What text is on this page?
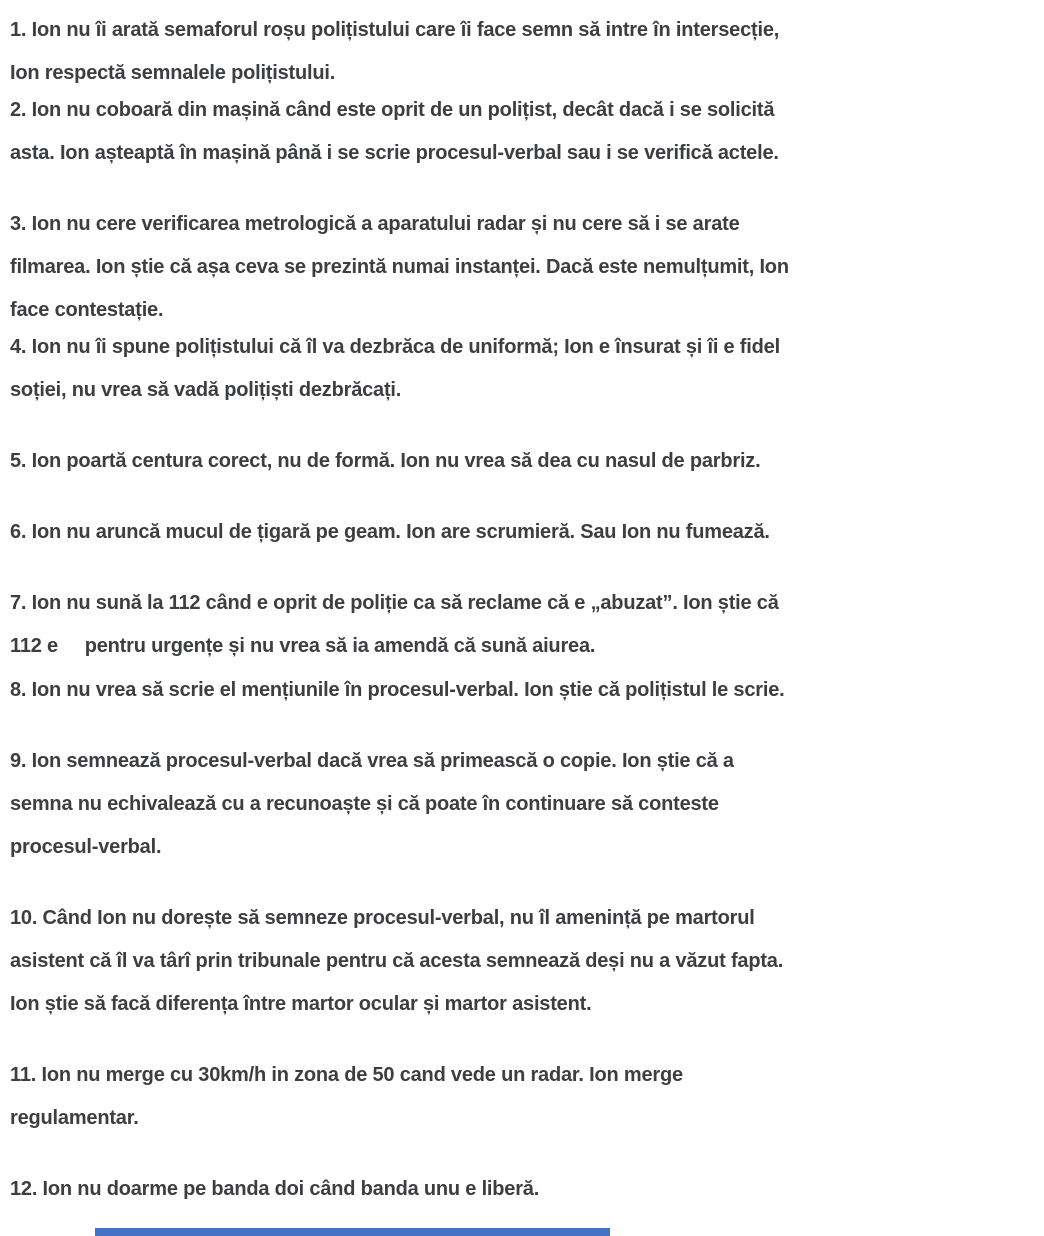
1. Ion nu îi arată semaforul roșu polițistului care îi face semn să intre în intersecție,
Ion respectă semnalele polițistului.
2. Ion nu coboară din mașină când este oprit de un polițist, decât dacă i se solicită
asta. Ion așteaptă în mașină până i se scrie procesul-verbal sau i se verifică actele.
3. Ion nu cere verificarea metrologică a aparatului radar și nu cere să i se arate
filmarea. Ion știe că așa ceva se prezintă numai instanței. Dacă este nemulțumit, Ion
face contestație.
4. Ion nu îi spune polițistului că îl va dezbrăca de uniformă; Ion e însurat și îi e fidel
soției, nu vrea să vadă polițiști dezbrăcați.
5. Ion poartă centura corect, nu de formă. Ion nu vrea să dea cu nasul de parbriz.
6. Ion nu aruncă mucul de țigară pe geam. Ion are scrumieră. Sau Ion nu fumează.
7. Ion nu sună la 112 când e oprit de poliție ca să reclame că e „abuzat”. Ion știe că
112 e     pentru urgențe și nu vrea să ia amendă că sună aiurea.
8. Ion nu vrea să scrie el mențiunile în procesul-verbal. Ion știe că polițistul le scrie.
9. Ion semnează procesul-verbal dacă vrea să primească o copie. Ion știe că a
semna nu echivalează cu a recunoaște și că poate în continuare să conteste
procesul-verbal.
10. Când Ion nu dorește să semneze procesul-verbal, nu îl amenință pe martorul
asistent că îl va târî prin tribunale pentru că acesta semnează deși nu a văzut fapta.
Ion știe să facă diferența între martor ocular și martor asistent.
11. Ion nu merge cu 30km/h in zona de 50 cand vede un radar. Ion merge
regulamentar.
12. Ion nu doarme pe banda doi când banda unu e liberă.
